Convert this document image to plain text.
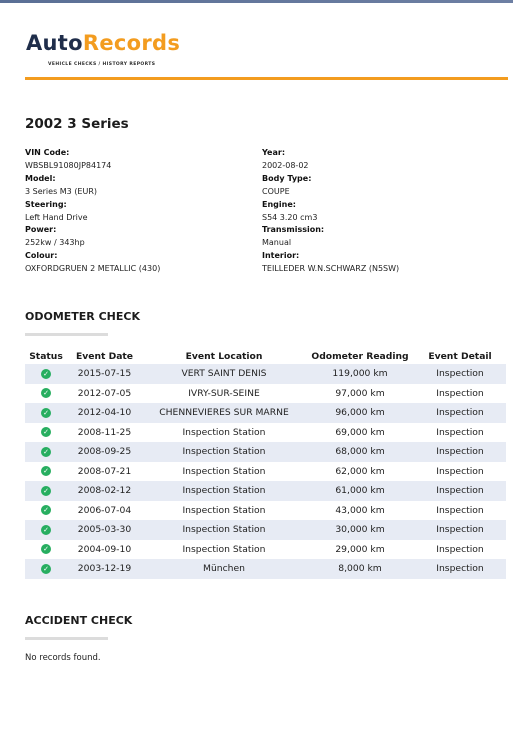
AutoRecords
VEHICLE CHECKS / HISTORY REPORTS
2002 3 Series
VIN Code:
WBSBL91080JP84174
Model:
3 Series M3 (EUR)
Steering:
Left Hand Drive
Power:
252kw / 343hp
Colour:
OXFORDGRUEN 2 METALLIC (430)
Year:
2002-08-02
Body Type:
COUPE
Engine:
S54 3.20 cm3
Transmission:
Manual
Interior:
TEILLEDER W.N.SCHWARZ (N5SW)
ODOMETER CHECK
Status	Event Date	Event Location	Odometer Reading	Event Detail
✓	2015-07-15	VERT SAINT DENIS	119,000 km	Inspection
✓	2012-07-05	IVRY-SUR-SEINE	97,000 km	Inspection
✓	2012-04-10	CHENNEVIERES SUR MARNE	96,000 km	Inspection
✓	2008-11-25	Inspection Station	69,000 km	Inspection
✓	2008-09-25	Inspection Station	68,000 km	Inspection
✓	2008-07-21	Inspection Station	62,000 km	Inspection
✓	2008-02-12	Inspection Station	61,000 km	Inspection
✓	2006-07-04	Inspection Station	43,000 km	Inspection
✓	2005-03-30	Inspection Station	30,000 km	Inspection
✓	2004-09-10	Inspection Station	29,000 km	Inspection
✓	2003-12-19	München	8,000 km	Inspection
ACCIDENT CHECK
No records found.
